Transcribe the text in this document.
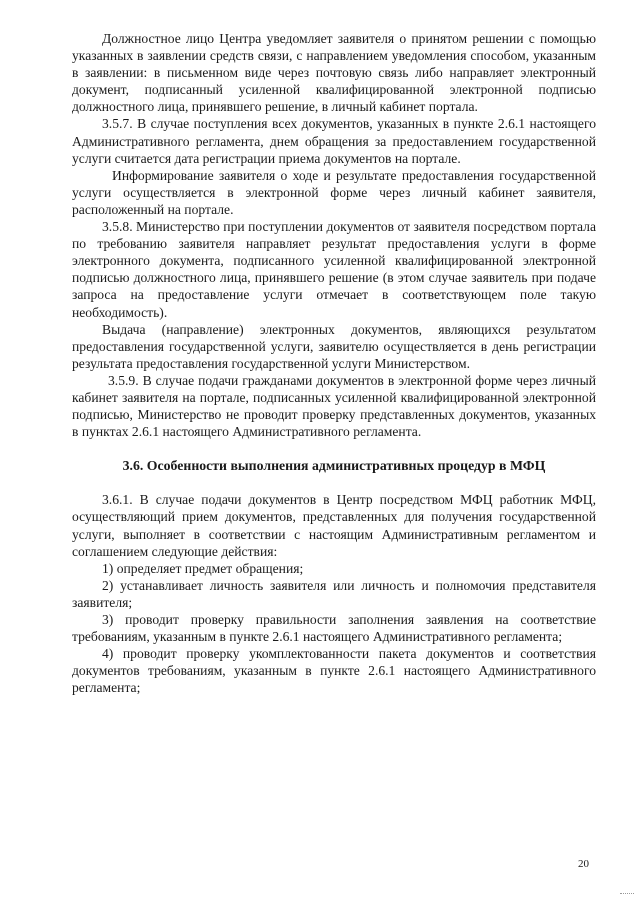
Должностное лицо Центра уведомляет заявителя о принятом решении с помощью указанных в заявлении средств связи, с направлением уведомления способом, указанным в заявлении: в письменном виде через почтовую связь либо направляет электронный документ, подписанный усиленной квалифицированной электронной подписью должностного лица, принявшего решение, в личный кабинет портала.

3.5.7. В случае поступления всех документов, указанных в пункте 2.6.1 настоящего Административного регламента, днем обращения за предоставлением государственной услуги считается дата регистрации приема документов на портале.

Информирование заявителя о ходе и результате предоставления государственной услуги осуществляется в электронной форме через личный кабинет заявителя, расположенный на портале.

3.5.8. Министерство при поступлении документов от заявителя посредством портала по требованию заявителя направляет результат предоставления услуги в форме электронного документа, подписанного усиленной квалифицированной электронной подписью должностного лица, принявшего решение (в этом случае заявитель при подаче запроса на предоставление услуги отмечает в соответствующем поле такую необходимость).

Выдача (направление) электронных документов, являющихся результатом предоставления государственной услуги, заявителю осуществляется в день регистрации результата предоставления государственной услуги Министерством.

3.5.9. В случае подачи гражданами документов в электронной форме через личный кабинет заявителя на портале, подписанных усиленной квалифицированной электронной подписью, Министерство не проводит проверку представленных документов, указанных в пунктах 2.6.1 настоящего Административного регламента.

3.6. Особенности выполнения административных процедур в МФЦ

3.6.1. В случае подачи документов в Центр посредством МФЦ работник МФЦ, осуществляющий прием документов, представленных для получения государственной услуги, выполняет в соответствии с настоящим Административным регламентом и соглашением следующие действия:

1) определяет предмет обращения;

2) устанавливает личность заявителя или личность и полномочия представителя заявителя;

3) проводит проверку правильности заполнения заявления на соответствие требованиям, указанным в пункте 2.6.1 настоящего Административного регламента;

4) проводит проверку укомплектованности пакета документов и соответствия документов требованиям, указанным в пункте 2.6.1 настоящего Административного регламента;

20
